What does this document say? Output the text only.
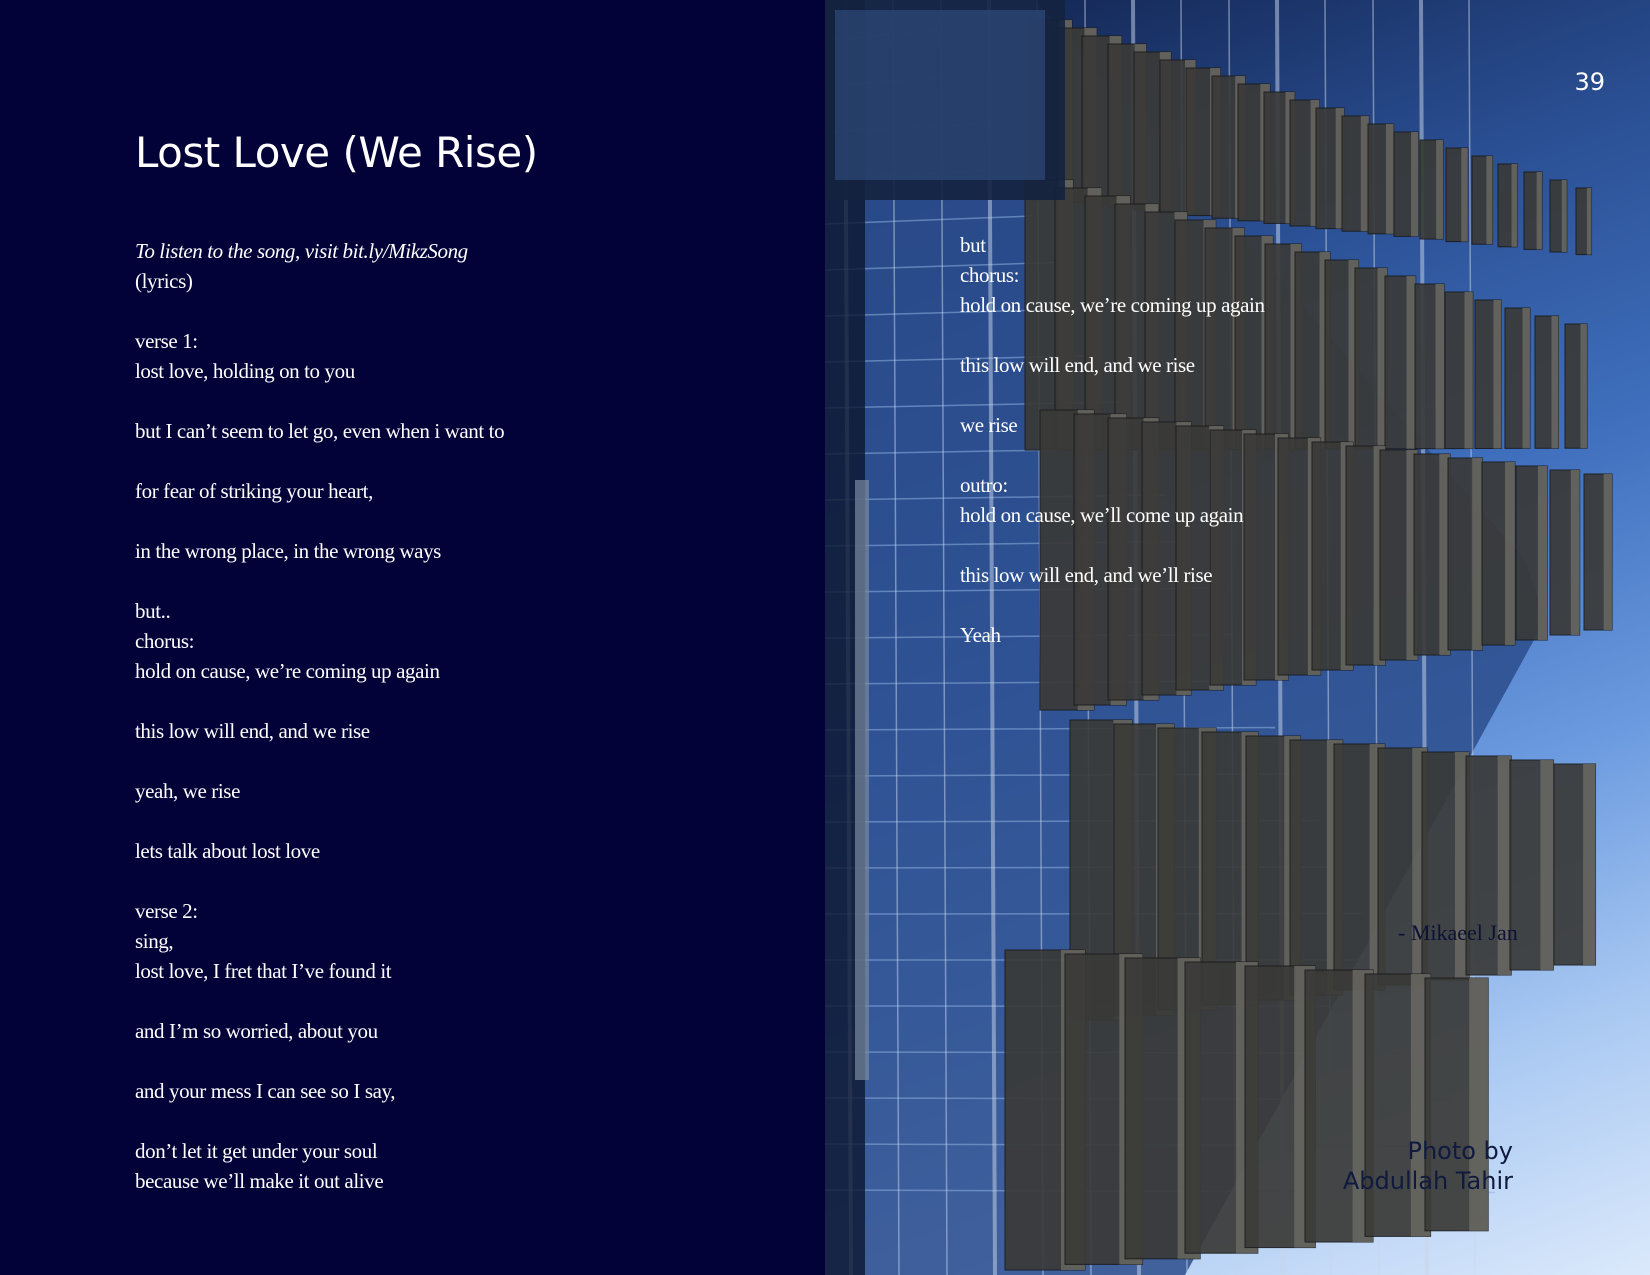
Lost Love (We Rise)
To listen to the song, visit bit.ly/MikzSong
(lyrics)
verse 1:
lost love, holding on to you
but I can’t seem to let go, even when i want to
for fear of striking your heart,
in the wrong place, in the wrong ways
but..
chorus:
hold on cause, we’re coming up again
this low will end, and we rise
yeah, we rise
lets talk about lost love
verse 2:
sing,
lost love, I fret that I’ve found it
and I’m so worried, about you
and your mess I can see so I say,
don’t let it get under your soul
because we’ll make it out alive
but
chorus:
hold on cause, we’re coming up again
this low will end, and we rise
we rise
outro:
hold on cause, we’ll come up again
this low will end, and we’ll rise
Yeah
39
- Mikaeel Jan
Photo by
Abdullah Tahir
